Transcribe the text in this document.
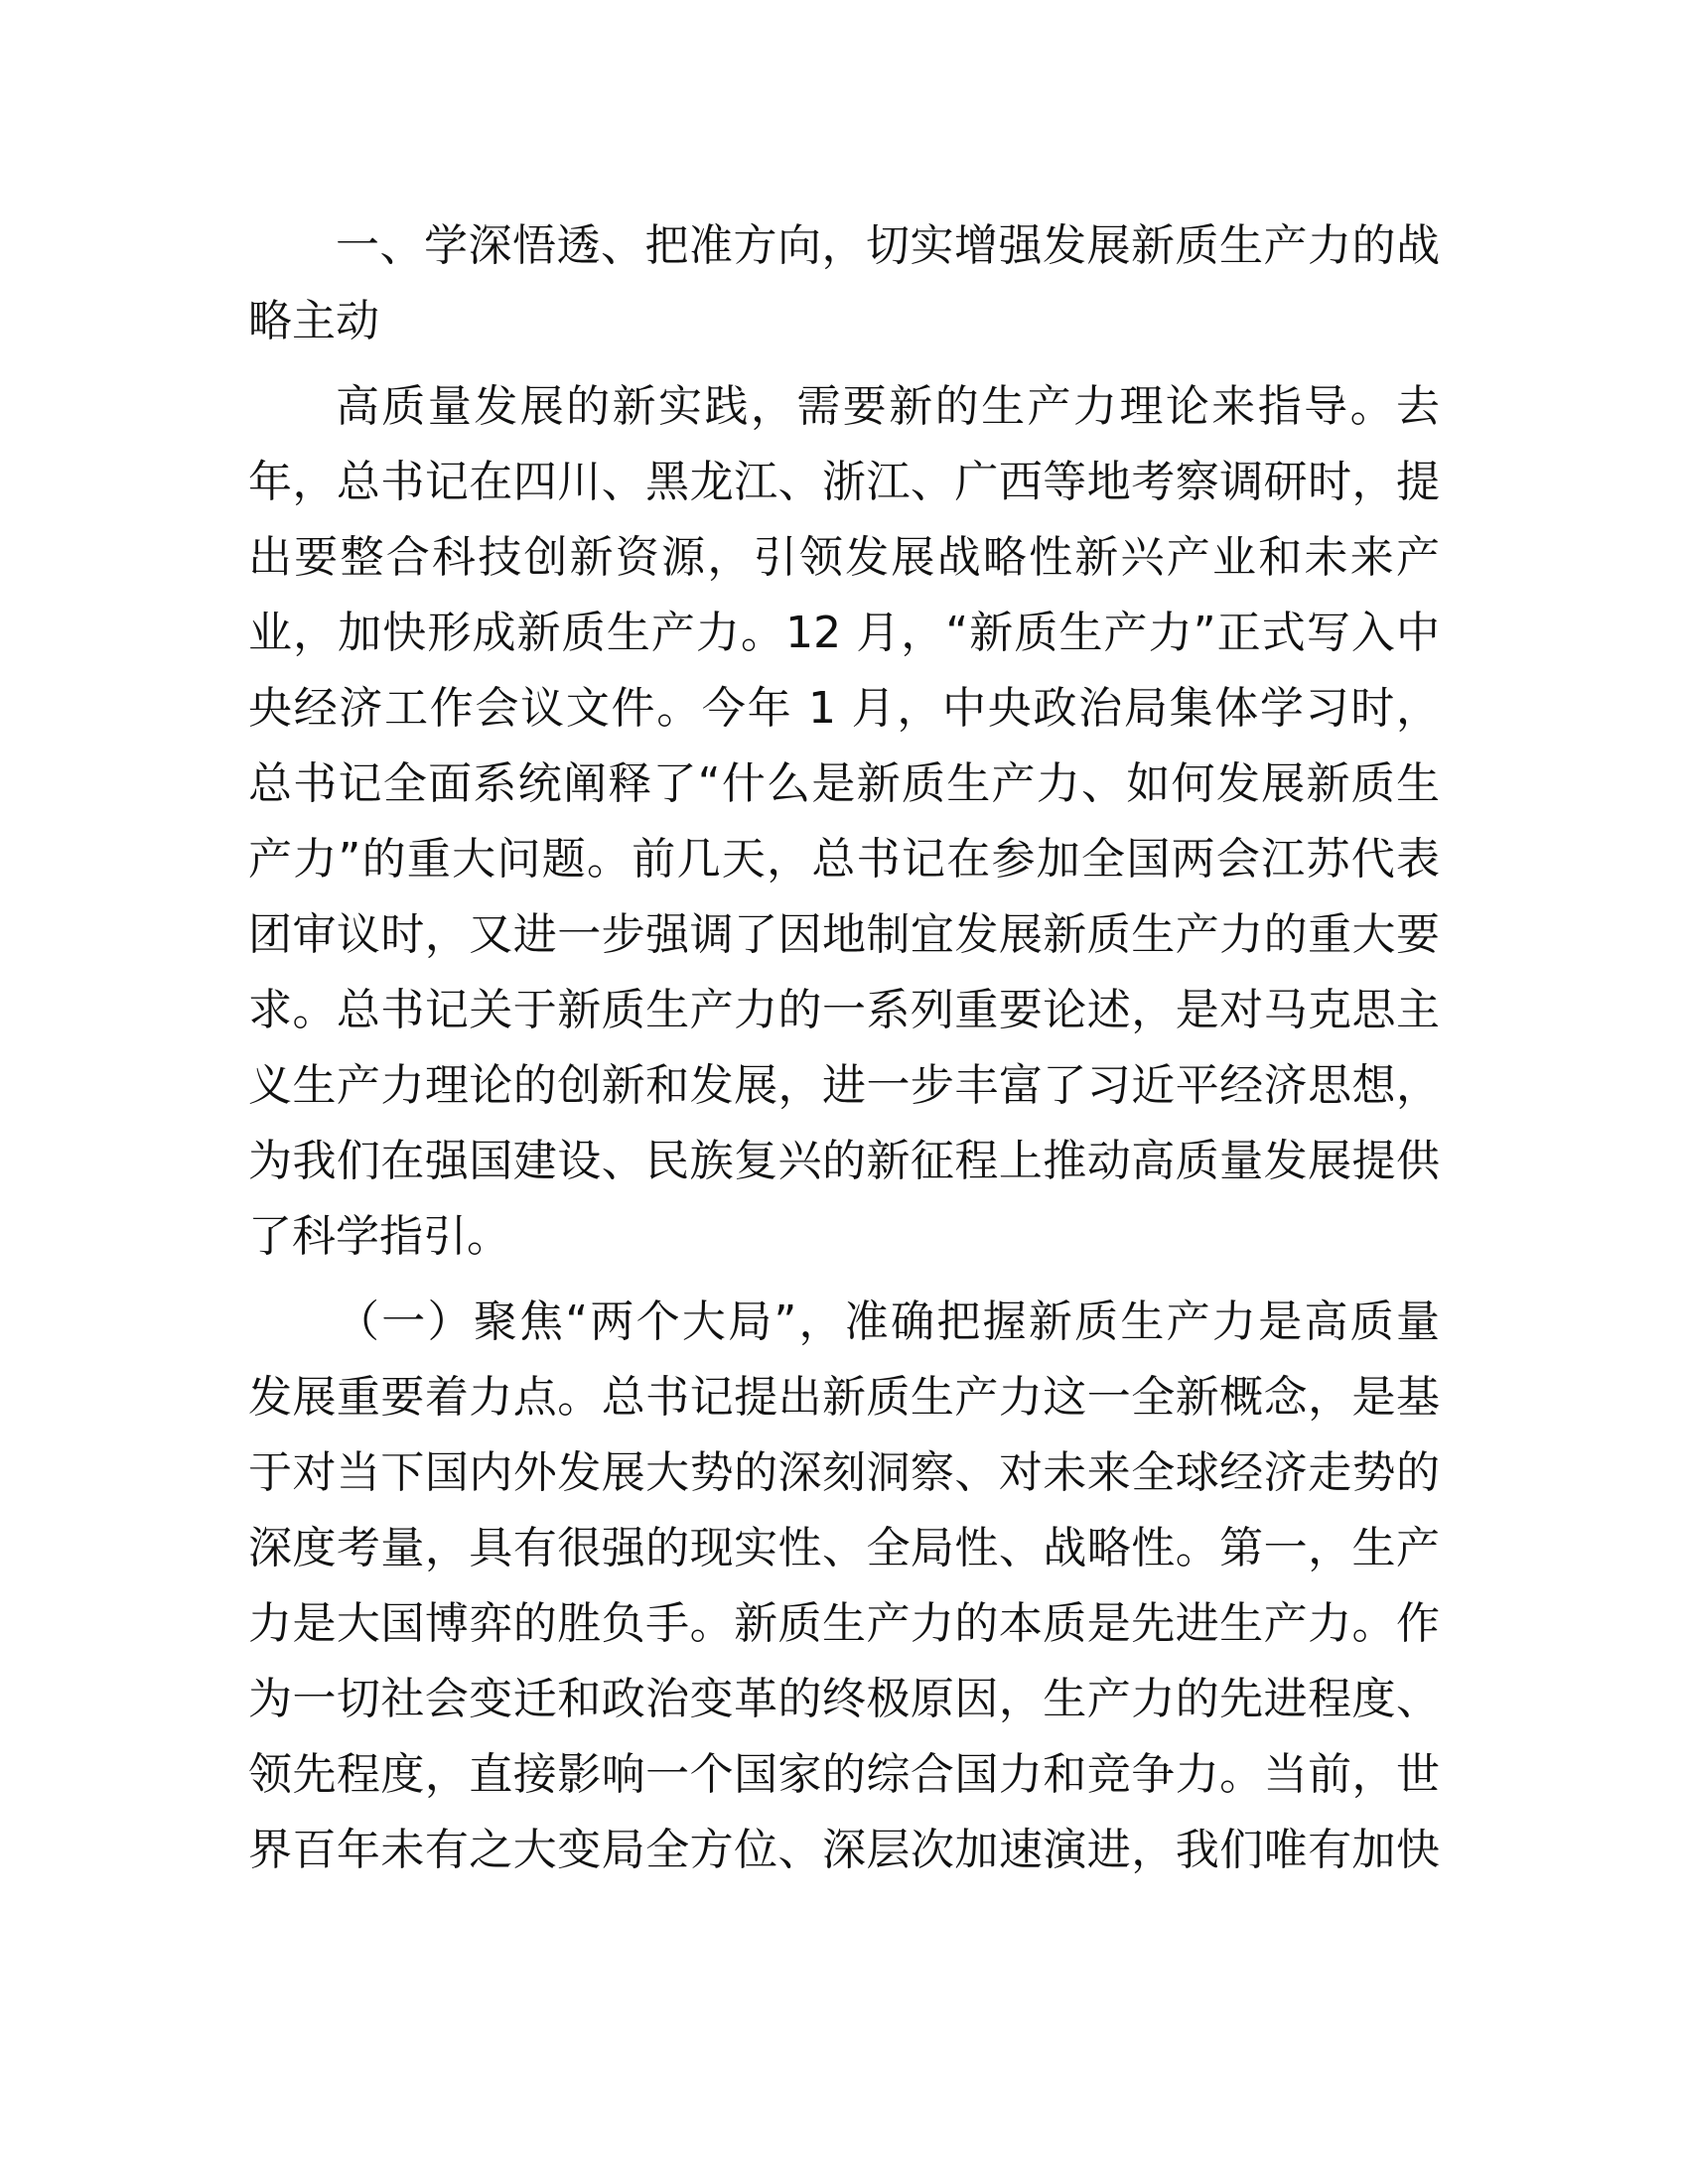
一、学深悟透、把准方向，切实增强发展新质生产力的战
略主动
高质量发展的新实践，需要新的生产力理论来指导。去
年，总书记在四川、黑龙江、浙江、广西等地考察调研时，提
出要整合科技创新资源，引领发展战略性新兴产业和未来产
业，加快形成新质生产力。12 月，“新质生产力”正式写入中
央经济工作会议文件。今年 1 月，中央政治局集体学习时，
总书记全面系统阐释了“什么是新质生产力、如何发展新质生
产力”的重大问题。前几天，总书记在参加全国两会江苏代表
团审议时，又进一步强调了因地制宜发展新质生产力的重大要
求。总书记关于新质生产力的一系列重要论述，是对马克思主
义生产力理论的创新和发展，进一步丰富了习近平经济思想，
为我们在强国建设、民族复兴的新征程上推动高质量发展提供
了科学指引。
（一）聚焦“两个大局”，准确把握新质生产力是高质量
发展重要着力点。总书记提出新质生产力这一全新概念，是基
于对当下国内外发展大势的深刻洞察、对未来全球经济走势的
深度考量，具有很强的现实性、全局性、战略性。第一，生产
力是大国博弈的胜负手。新质生产力的本质是先进生产力。作
为一切社会变迁和政治变革的终极原因，生产力的先进程度、
领先程度，直接影响一个国家的综合国力和竞争力。当前，世
界百年未有之大变局全方位、深层次加速演进，我们唯有加快
